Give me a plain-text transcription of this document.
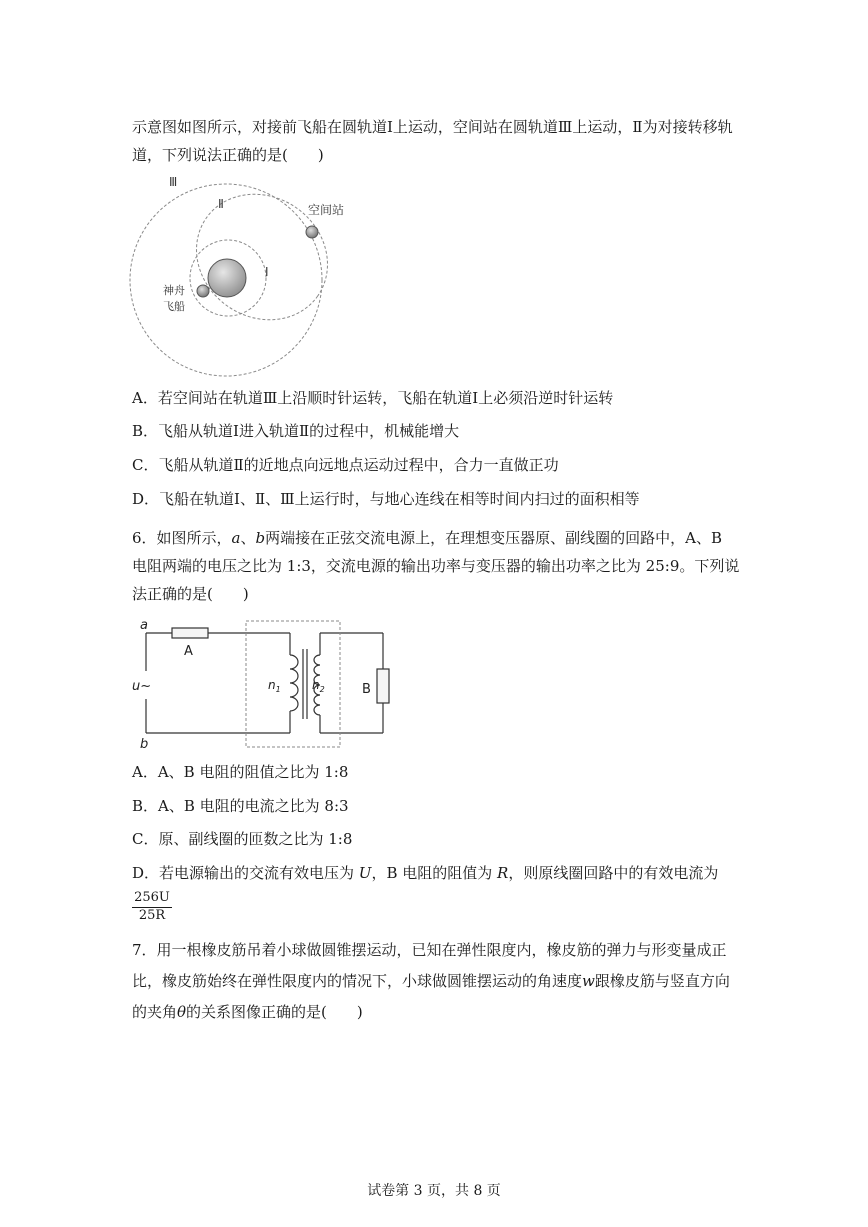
示意图如图所示，对接前飞船在圆轨道Ⅰ上运动，空间站在圆轨道Ⅲ上运动，Ⅱ为对接转移轨
道，下列说法正确的是(　　)
Ⅲ
Ⅱ
Ⅰ
空间站
神舟
飞船
A．若空间站在轨道Ⅲ上沿顺时针运转，飞船在轨道Ⅰ上必须沿逆时针运转
B．飞船从轨道Ⅰ进入轨道Ⅱ的过程中，机械能增大
C．飞船从轨道Ⅱ的近地点向远地点运动过程中，合力一直做正功
D．飞船在轨道Ⅰ、Ⅱ、Ⅲ上运行时，与地心连线在相等时间内扫过的面积相等
6．如图所示，a、b两端接在正弦交流电源上，在理想变压器原、副线圈的回路中，A、B
电阻两端的电压之比为 1:3，交流电源的输出功率与变压器的输出功率之比为 25:9。下列说
法正确的是(　　)
a
b
u~
A
B
$n_1$	$n_2$
A．A、B 电阻的阻值之比为 1:8
B．A、B 电阻的电流之比为 8:3
C．原、副线圈的匝数之比为 1:8
D．若电源输出的交流有效电压为 U，B 电阻的阻值为 R，则原线圈回路中的有效电流为
$\frac{256U}{25R}$
7．用一根橡皮筋吊着小球做圆锥摆运动，已知在弹性限度内，橡皮筋的弹力与形变量成正
比，橡皮筋始终在弹性限度内的情况下，小球做圆锥摆运动的角速度w跟橡皮筋与竖直方向
的夹角θ的关系图像正确的是(　　)
试卷第 3 页，共 8 页
